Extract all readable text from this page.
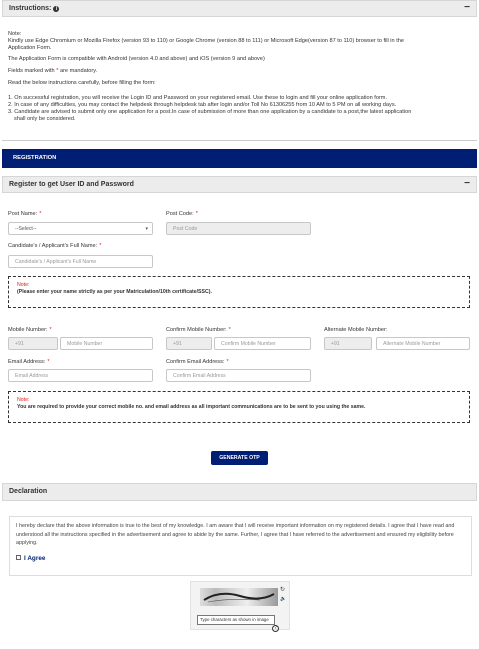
Instructions: i	−
Note:
Kindly use Edge Chromium or Mozilla Firefox (version 93 to 110) or Google Chrome (version 88 to 111) or Microsoft Edge(version 87 to 110) browser to fill in the
Application Form.
The Application Form is compatible with Android (version 4.0 and above) and iOS (version 9 and above)
Fields marked with * are mandatory.
Read the below instructions carefully, before filling the form:
1. On successful registration, you will receive the Login ID and Password on your registered email. Use these to login and fill your online application form.
2. In case of any difficulties, you may contact the helpdesk through helpdesk tab after login and/or Toll No 61306255 from 10 AM to 5 PM on all working days.
3. Candidate are advised to submit only one application for a post.In case of submission of more than one application by a candidate to a post,the latest application
shall only be considered.
REGISTRATION
Register to get User ID and Password	−
Post Name: *
--Select--	▾
Post Code: *
Post Code
Candidate's / Applicant's Full Name: *
Candidate's / Applicant's Full Name
Note:
(Please enter your name strictly as per your Matriculation/10th certificate/SSC).
Mobile Number: *
+91	Mobile Number
Confirm Mobile Number: *
+91	Confirm Mobile Number
Alternate Mobile Number:
+91	Alternate Mobile Number
Email Address: *
Email Address
Confirm Email Address: *
Confirm Email Address
Note:
You are required to provide your correct mobile no. and email address as all important communications are to be sent to you using the same.
GENERATE OTP
Declaration
I hereby declare that the above information is true to the best of my knowledge. I am aware that I will receive important information on my registered details. I agree that I have read and understood all the instructions specified in the advertisement and agree to abide by the same. Further, I agree that I have referred to the advertisement and ensured my eligibility before applying.
I Agree
↻
🔈
Type characters as shown in image
?
